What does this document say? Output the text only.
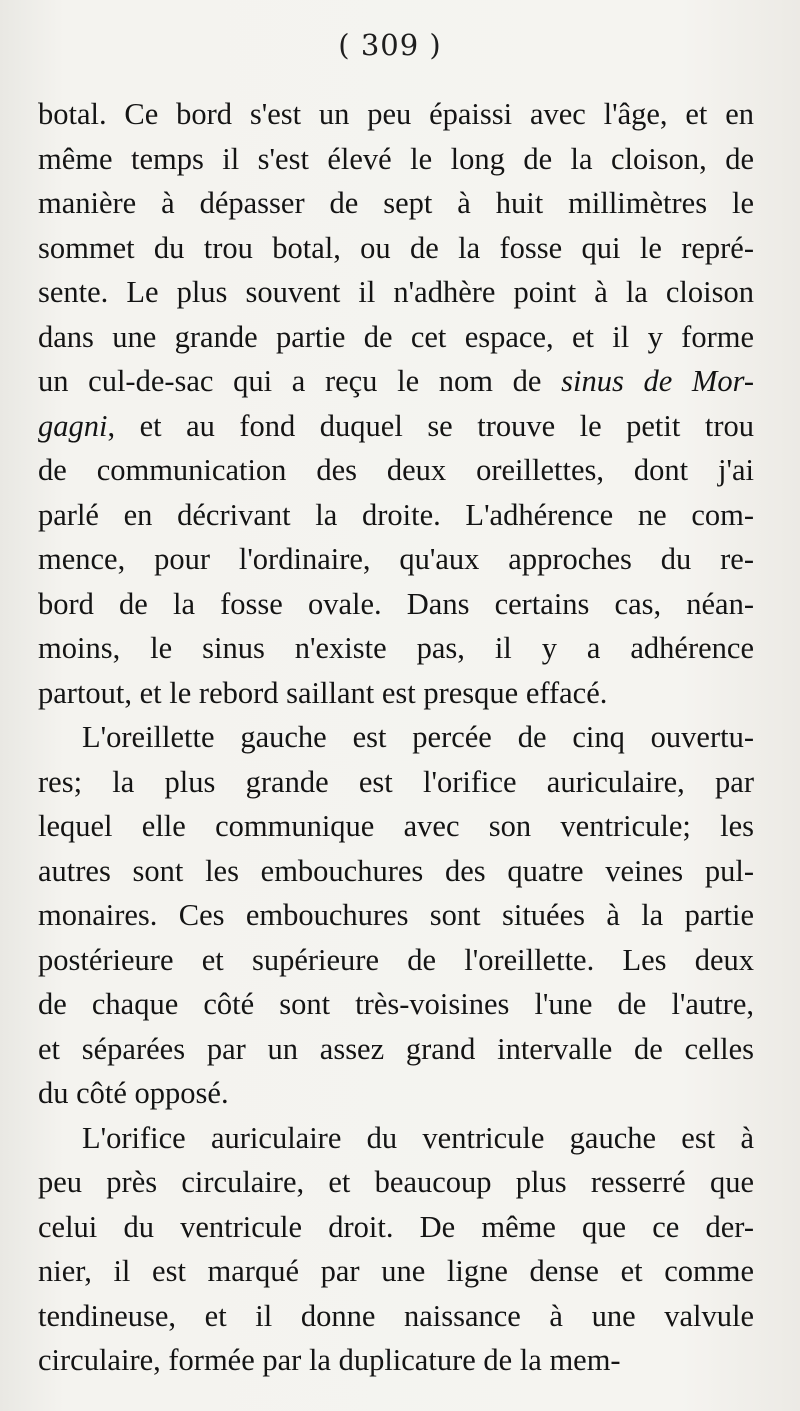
( 309 )
botal. Ce bord s'est un peu épaissi avec l'âge, et en
même temps il s'est élevé le long de la cloison, de
manière à dépasser de sept à huit millimètres le
sommet du trou botal, ou de la fosse qui le repré-
sente. Le plus souvent il n'adhère point à la cloison
dans une grande partie de cet espace, et il y forme
un cul-de-sac qui a reçu le nom de sinus de Mor-
gagni, et au fond duquel se trouve le petit trou
de communication des deux oreillettes, dont j'ai
parlé en décrivant la droite. L'adhérence ne com-
mence, pour l'ordinaire, qu'aux approches du re-
bord de la fosse ovale. Dans certains cas, néan-
moins, le sinus n'existe pas, il y a adhérence
partout, et le rebord saillant est presque effacé.
L'oreillette gauche est percée de cinq ouvertu-
res; la plus grande est l'orifice auriculaire, par
lequel elle communique avec son ventricule; les
autres sont les embouchures des quatre veines pul-
monaires. Ces embouchures sont situées à la partie
postérieure et supérieure de l'oreillette. Les deux
de chaque côté sont très-voisines l'une de l'autre,
et séparées par un assez grand intervalle de celles
du côté opposé.
L'orifice auriculaire du ventricule gauche est à
peu près circulaire, et beaucoup plus resserré que
celui du ventricule droit. De même que ce der-
nier, il est marqué par une ligne dense et comme
tendineuse, et il donne naissance à une valvule
circulaire, formée par la duplicature de la mem-
